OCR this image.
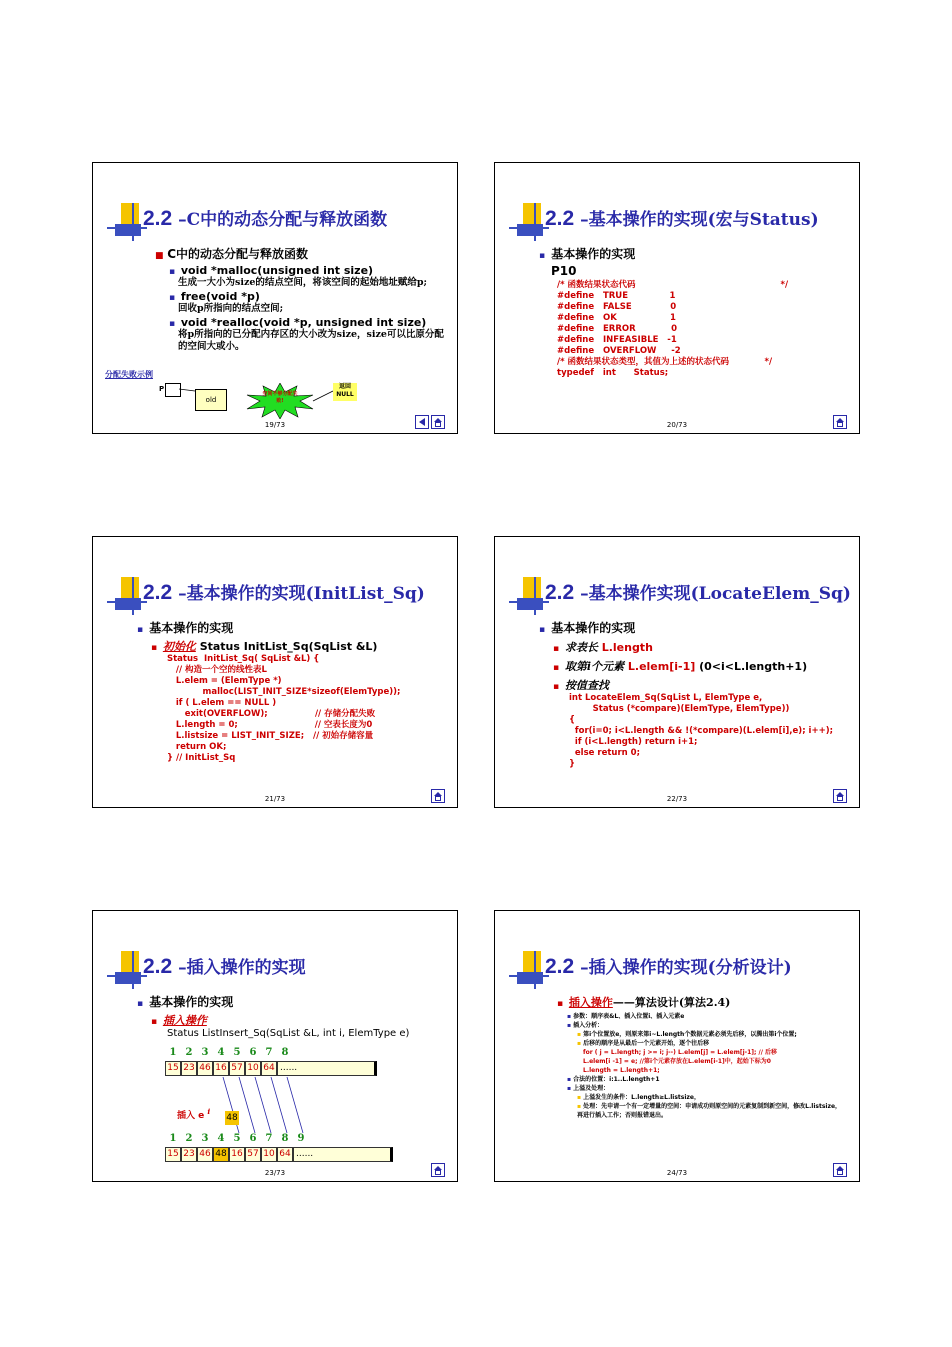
2.2 –C中的动态分配与释放函数
■ C中的动态分配与释放函数
▪ void *malloc(unsigned int size)
生成一大小为size的结点空间，将该空间的起始地址赋给p;
▪ free(void *p)
回收p所指向的结点空间;
▪ void *realloc(void *p, unsigned int size)
将p所指向的已分配内存区的大小改为size，size可以比原分配的空间大或小。
分配失败示例
P
old
空间不够分配失败!
返回NULL
19/73
2.2 –基本操作的实现(宏与Status)
▪ 基本操作的实现
P10
/* 函数结果状态代码                                                 */
#define   TRUE              1
#define   FALSE             0
#define   OK                  1
#define   ERROR            0
#define   INFEASIBLE   -1
#define   OVERFLOW     -2
/* 函数结果状态类型，其值为上述的状态代码            */
typedef   int      Status;
20/73
2.2 –基本操作的实现(InitList_Sq)
▪ 基本操作的实现
▪ 初始化 Status InitList_Sq(SqList &L)
Status  InitList_Sq( SqList &L) {
// 构造一个空的线性表L
L.elem = (ElemType *)
malloc(LIST_INIT_SIZE*sizeof(ElemType));
if ( L.elem == NULL )
exit(OVERFLOW);                // 存储分配失败
L.length = 0;                          // 空表长度为0
L.listsize = LIST_INIT_SIZE;   // 初始存储容量
return OK;
} // InitList_Sq
21/73
2.2 –基本操作实现(LocateElem_Sq)
▪ 基本操作的实现
▪ 求表长 L.length
▪ 取第i个元素 L.elem[i-1] (0<i<L.length+1)
▪ 按值查找
int LocateElem_Sq(SqList L, ElemType e,
Status (*compare)(ElemType, ElemType))
{
for(i=0; i<L.length && !(*compare)(L.elem[i],e); i++);
if (i<L.length) return i+1;
else return 0;
}
22/73
2.2 –插入操作的实现
▪ 基本操作的实现
▪ 插入操作
Status ListInsert_Sq(SqList &L, int i, ElemType e)
1 2 3 4 5 6 7 8
15 23 46 16 57 10 64 ......
插入 e $^i$
48
1 2 3 4 5 6 7 8 9
15 23 46 48 16 57 10 64 ......
23/73
2.2 –插入操作的实现(分析设计)
▪ 插入操作——算法设计(算法2.4)
▪ 参数：顺序表&L、插入位置i、插入元素e
▪ 插入分析：
▪ 第i个位置放e，则原来第i~L.length个数据元素必须先后移，以腾出第i个位置;
▪ 后移的顺序是从最后一个元素开始，逐个往后移
for ( j = L.length; j >= i; j--) L.elem[j] = L.elem[j-1]; // 后移
L.elem[i -1] = e; //第i个元素存放在L.elem[i-1]中，起始下标为0
L.length = L.length+1;
▪ 合法的位置：i:1..L.length+1
▪ 上溢及处理：
▪ 上溢发生的条件：L.length≥L.listsize，
▪ 处理：先申请一个有一定增量的空间：申请成功则原空间的元素复制到新空间，修改L.listsize，再进行插入工作；否则报错退出。
24/73
